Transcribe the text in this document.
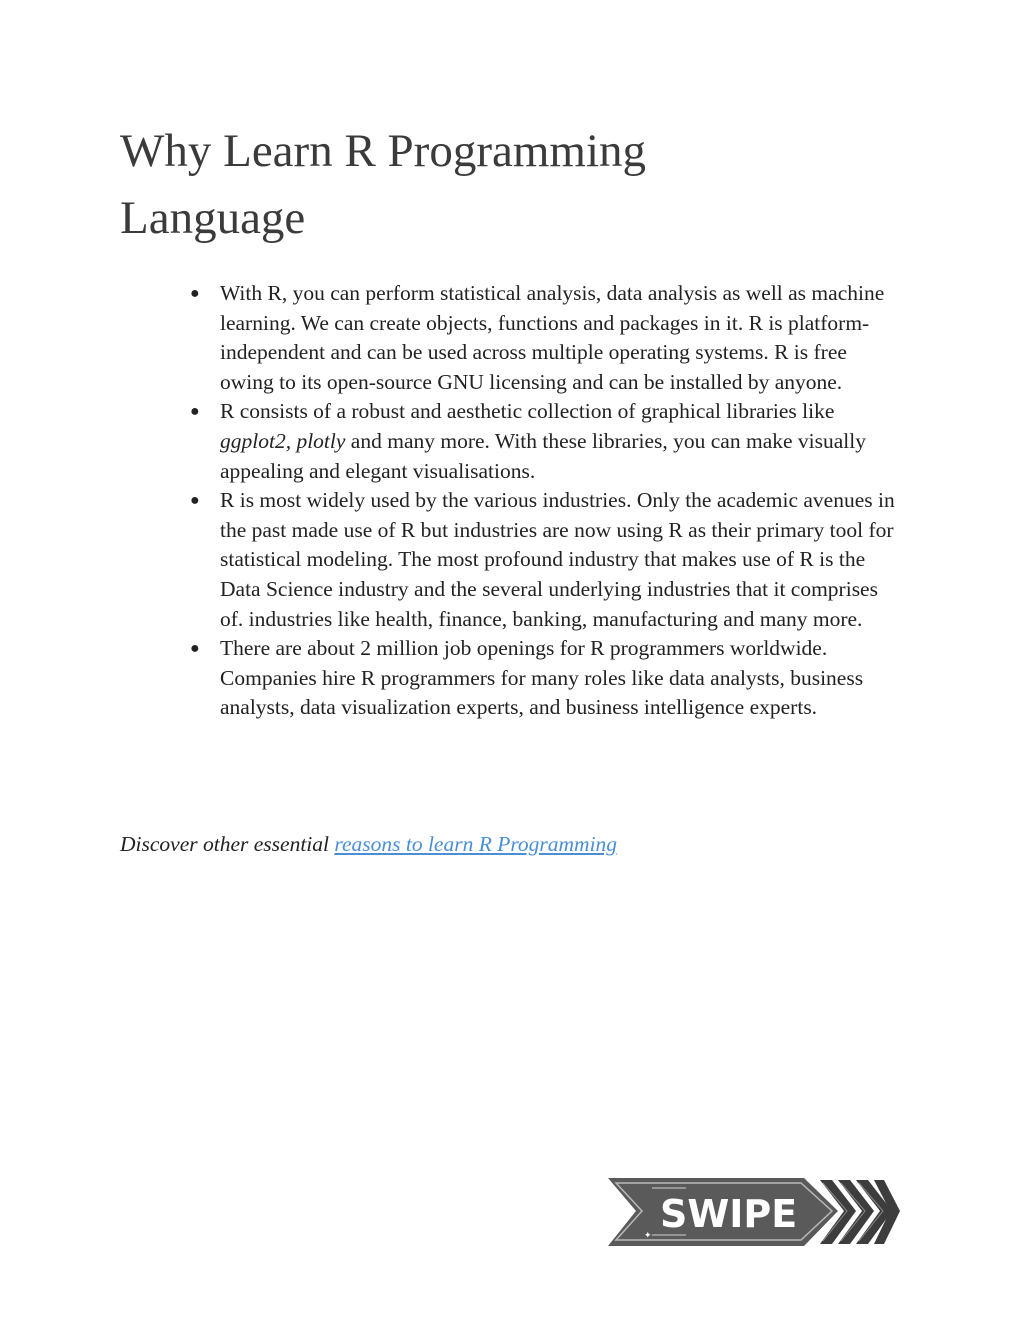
Why Learn R Programming Language
● With R, you can perform statistical analysis, data analysis as well as machine learning. We can create objects, functions and packages in it. R is platform-independent and can be used across multiple operating systems. R is free owing to its open-source GNU licensing and can be installed by anyone.
● R consists of a robust and aesthetic collection of graphical libraries like ggplot2, plotly and many more. With these libraries, you can make visually appealing and elegant visualisations.
● R is most widely used by the various industries. Only the academic avenues in the past made use of R but industries are now using R as their primary tool for statistical modeling. The most profound industry that makes use of R is the Data Science industry and the several underlying industries that it comprises of. industries like health, finance, banking, manufacturing and many more.
● There are about 2 million job openings for R programmers worldwide. Companies hire R programmers for many roles like data analysts, business analysts, data visualization experts, and business intelligence experts.

Discover other essential reasons to learn R Programming

✦ SWIPE
